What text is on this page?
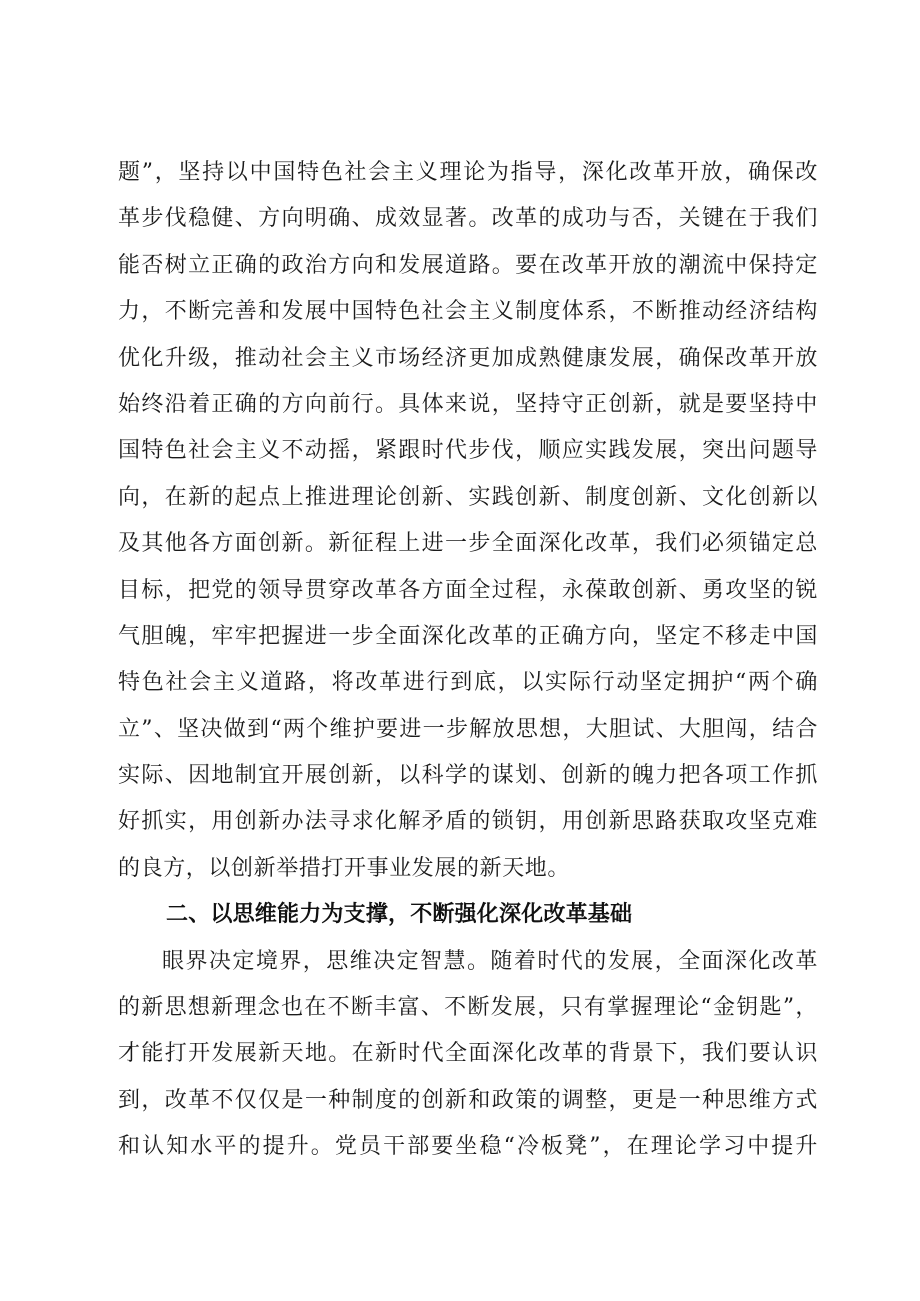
题”，坚持以中国特色社会主义理论为指导，深化改革开放，确保改
革步伐稳健、方向明确、成效显著。改革的成功与否，关键在于我们
能否树立正确的政治方向和发展道路。要在改革开放的潮流中保持定
力，不断完善和发展中国特色社会主义制度体系，不断推动经济结构
优化升级，推动社会主义市场经济更加成熟健康发展，确保改革开放
始终沿着正确的方向前行。具体来说，坚持守正创新，就是要坚持中
国特色社会主义不动摇，紧跟时代步伐，顺应实践发展，突出问题导
向，在新的起点上推进理论创新、实践创新、制度创新、文化创新以
及其他各方面创新。新征程上进一步全面深化改革，我们必须锚定总
目标，把党的领导贯穿改革各方面全过程，永葆敢创新、勇攻坚的锐
气胆魄，牢牢把握进一步全面深化改革的正确方向，坚定不移走中国
特色社会主义道路，将改革进行到底，以实际行动坚定拥护“两个确
立”、坚决做到“两个维护要进一步解放思想，大胆试、大胆闯，结合
实际、因地制宜开展创新，以科学的谋划、创新的魄力把各项工作抓
好抓实，用创新办法寻求化解矛盾的锁钥，用创新思路获取攻坚克难
的良方，以创新举措打开事业发展的新天地。
二、以思维能力为支撑，不断强化深化改革基础
眼界决定境界，思维决定智慧。随着时代的发展，全面深化改革
的新思想新理念也在不断丰富、不断发展，只有掌握理论“金钥匙”，
才能打开发展新天地。在新时代全面深化改革的背景下，我们要认识
到，改革不仅仅是一种制度的创新和政策的调整，更是一种思维方式
和认知水平的提升。党员干部要坐稳“冷板凳”，在理论学习中提升
